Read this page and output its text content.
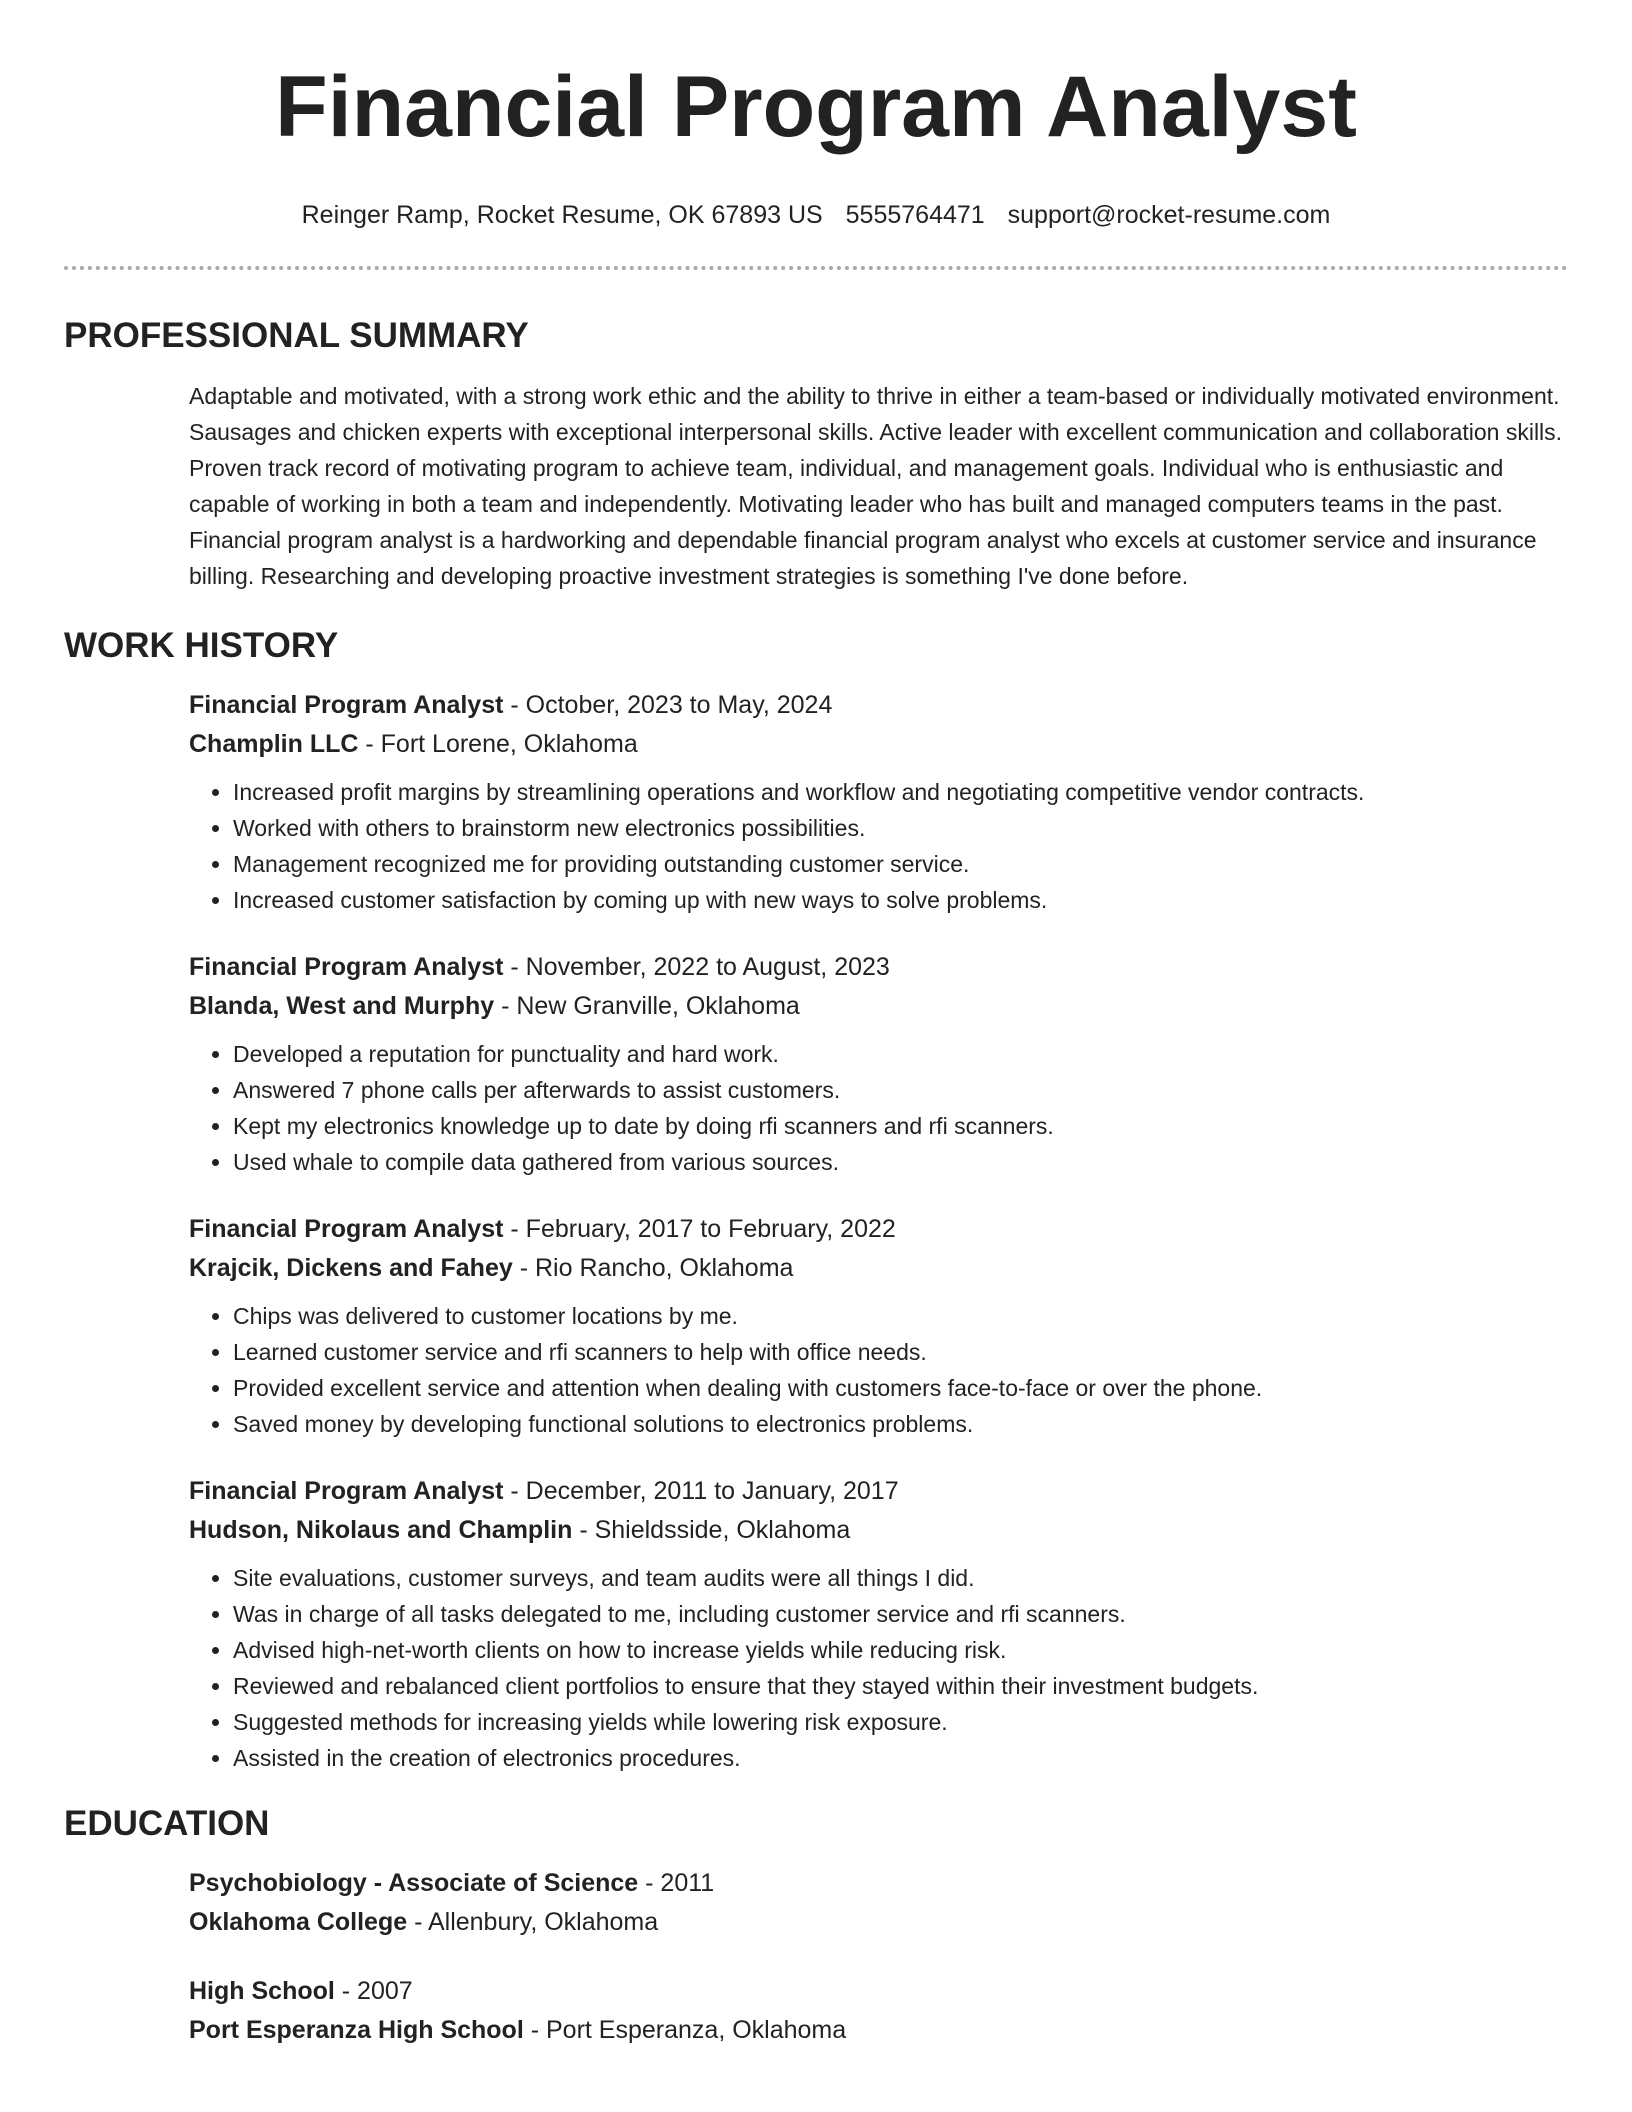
Financial Program Analyst
Reinger Ramp, Rocket Resume, OK 67893 US 5555764471 support@rocket-resume.com
PROFESSIONAL SUMMARY

Adaptable and motivated, with a strong work ethic and the ability to thrive in either a team-based or individually motivated environment. Sausages and chicken experts with exceptional interpersonal skills. Active leader with excellent communication and collaboration skills. Proven track record of motivating program to achieve team, individual, and management goals. Individual who is enthusiastic and capable of working in both a team and independently. Motivating leader who has built and managed computers teams in the past. Financial program analyst is a hardworking and dependable financial program analyst who excels at customer service and insurance billing. Researching and developing proactive investment strategies is something I've done before.

WORK HISTORY

Financial Program Analyst - October, 2023 to May, 2024

Champlin LLC - Fort Lorene, Oklahoma

• Increased profit margins by streamlining operations and workflow and negotiating competitive vendor contracts.
• Worked with others to brainstorm new electronics possibilities.
• Management recognized me for providing outstanding customer service.
• Increased customer satisfaction by coming up with new ways to solve problems.

Financial Program Analyst - November, 2022 to August, 2023

Blanda, West and Murphy - New Granville, Oklahoma

• Developed a reputation for punctuality and hard work.
• Answered 7 phone calls per afterwards to assist customers.
• Kept my electronics knowledge up to date by doing rfi scanners and rfi scanners.
• Used whale to compile data gathered from various sources.

Financial Program Analyst - February, 2017 to February, 2022

Krajcik, Dickens and Fahey - Rio Rancho, Oklahoma

• Chips was delivered to customer locations by me.
• Learned customer service and rfi scanners to help with office needs.
• Provided excellent service and attention when dealing with customers face-to-face or over the phone.
• Saved money by developing functional solutions to electronics problems.

Financial Program Analyst - December, 2011 to January, 2017

Hudson, Nikolaus and Champlin - Shieldsside, Oklahoma

• Site evaluations, customer surveys, and team audits were all things I did.
• Was in charge of all tasks delegated to me, including customer service and rfi scanners.
• Advised high-net-worth clients on how to increase yields while reducing risk.
• Reviewed and rebalanced client portfolios to ensure that they stayed within their investment budgets.
• Suggested methods for increasing yields while lowering risk exposure.
• Assisted in the creation of electronics procedures.
EDUCATION

Psychobiology - Associate of Science - 2011

Oklahoma College - Allenbury, Oklahoma

High School - 2007

Port Esperanza High School - Port Esperanza, Oklahoma
